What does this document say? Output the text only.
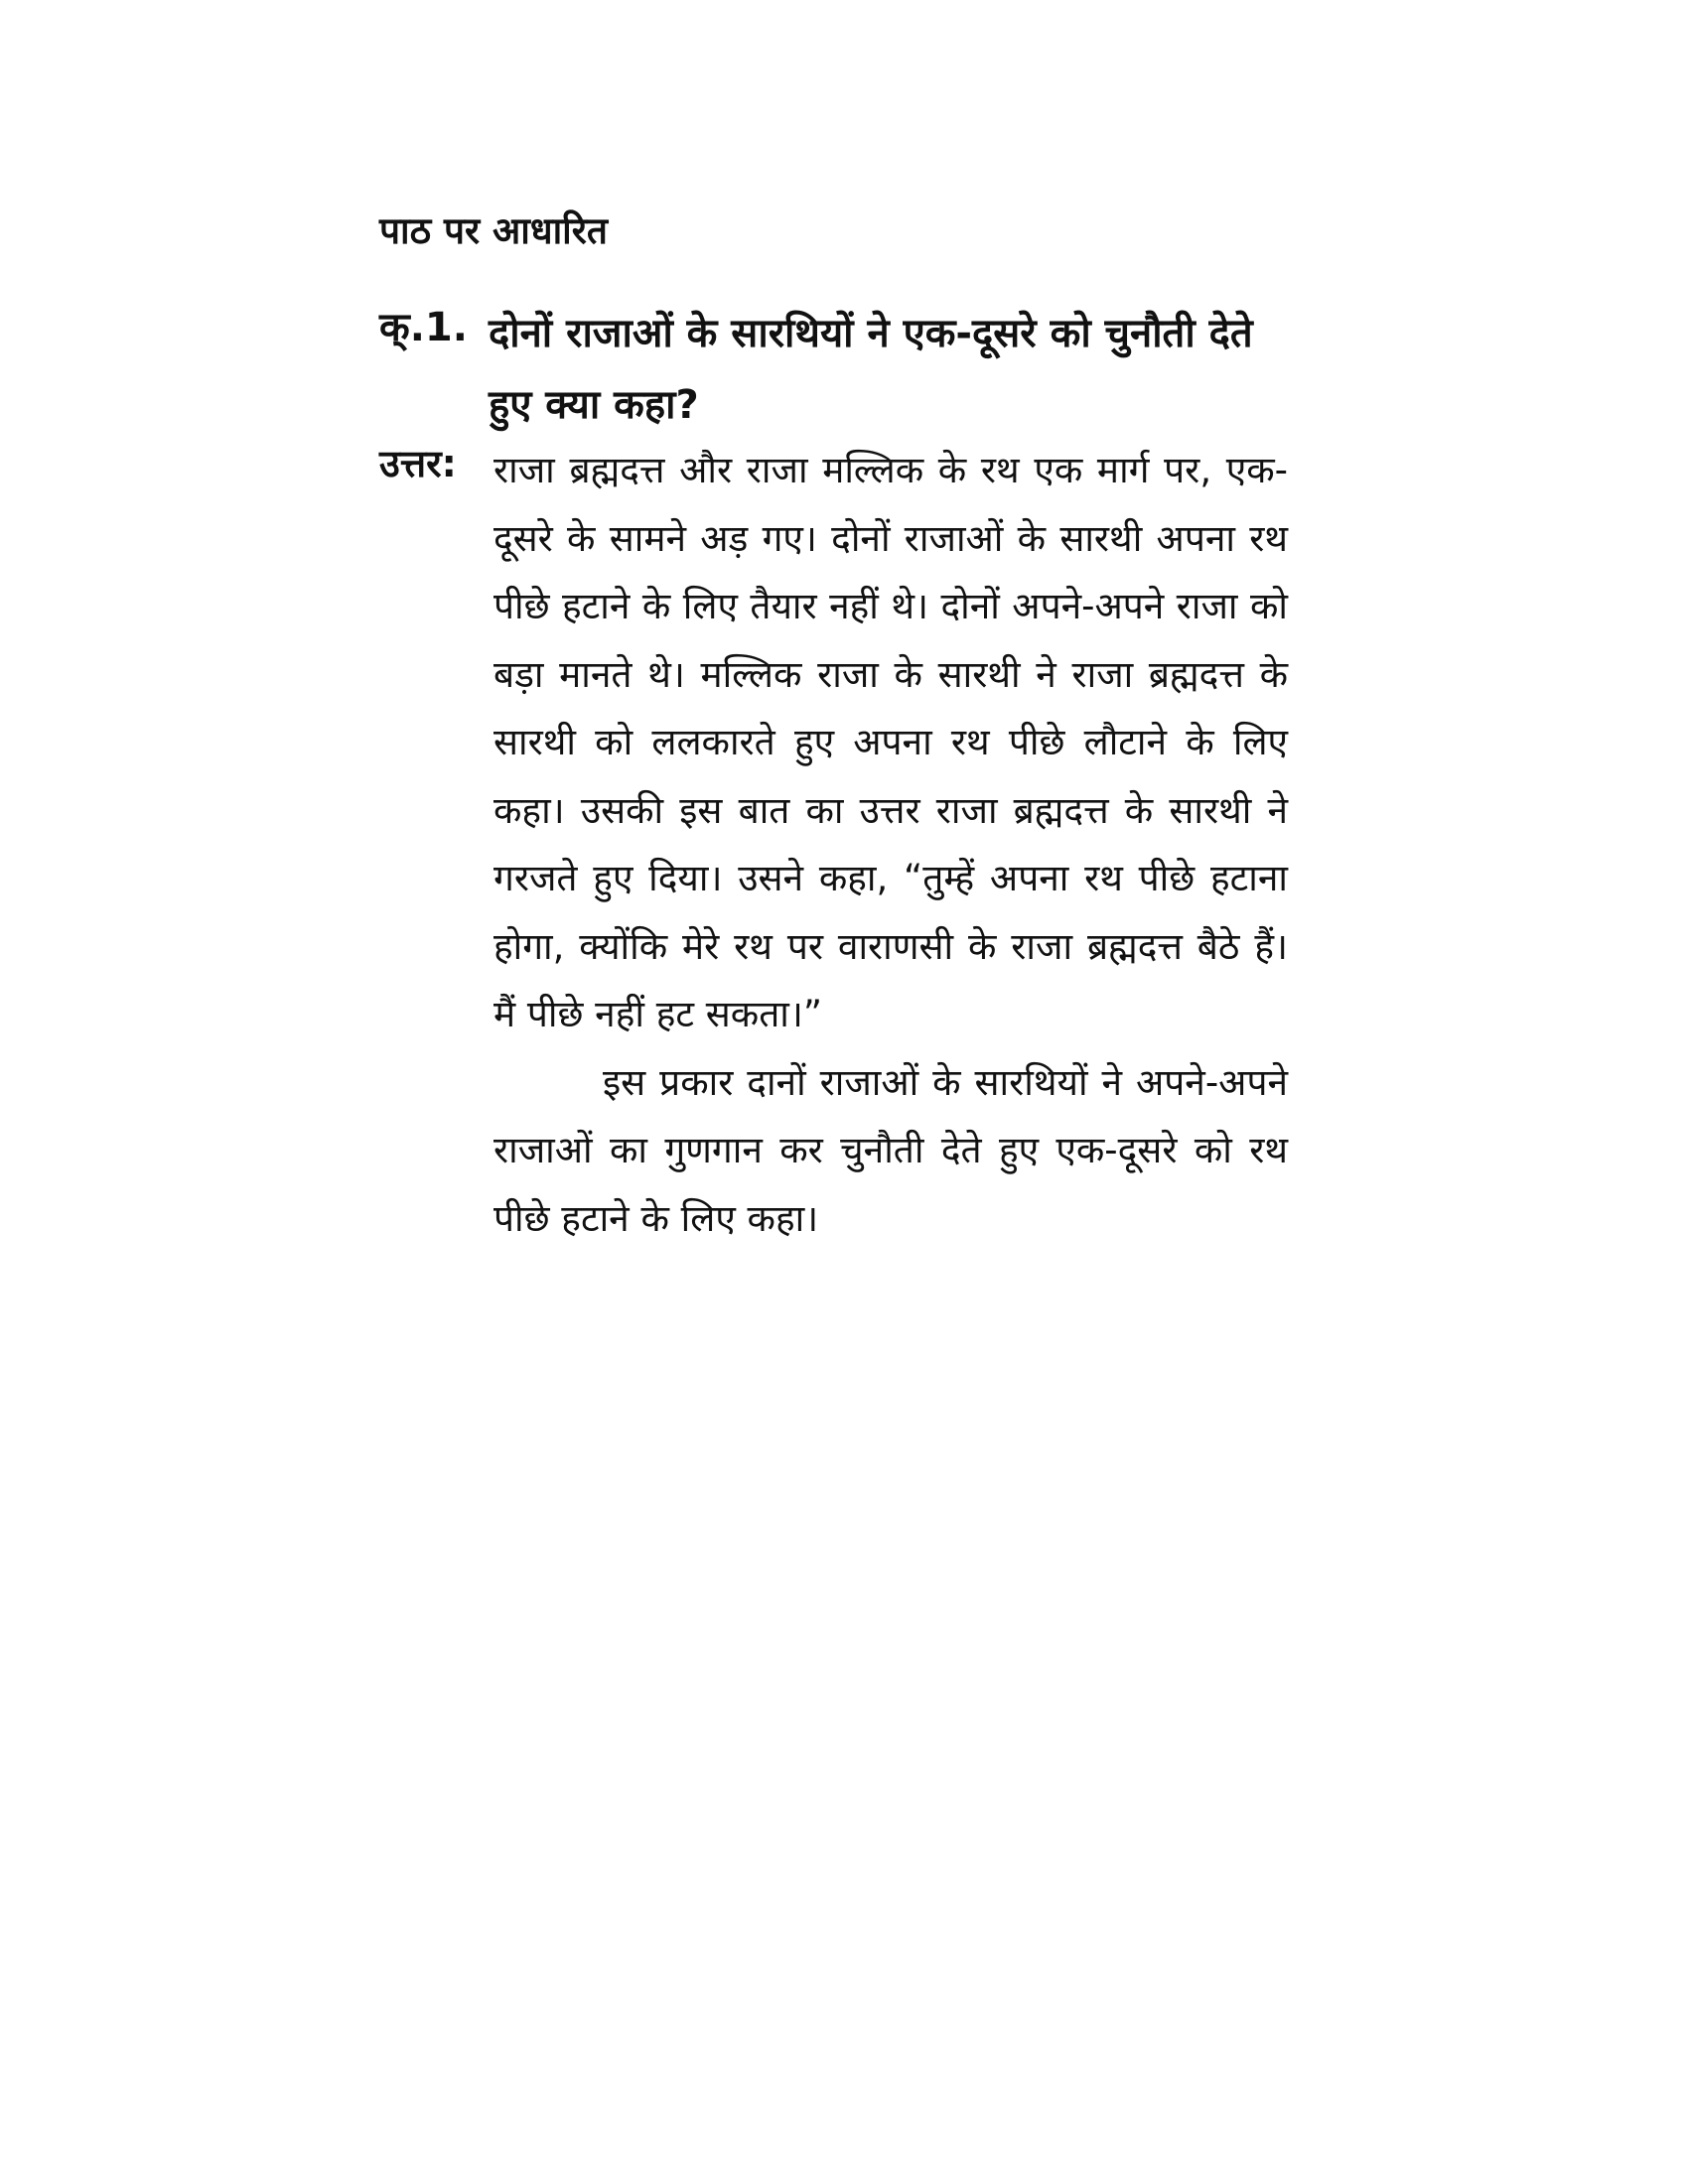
पाठ पर आधारित
क्.1. दोनों राजाओं के सारथियों ने एक-दूसरे को चुनौती देते हुए क्या कहा?
उत्तर: राजा ब्रह्मदत्त और राजा मल्लिक के रथ एक मार्ग पर, एक-दूसरे के सामने अड़ गए। दोनों राजाओं के सारथी अपना रथ पीछे हटाने के लिए तैयार नहीं थे। दोनों अपने-अपने राजा को बड़ा मानते थे। मल्लिक राजा के सारथी ने राजा ब्रह्मदत्त के सारथी को ललकारते हुए अपना रथ पीछे लौटाने के लिए कहा। उसकी इस बात का उत्तर राजा ब्रह्मदत्त के सारथी ने गरजते हुए दिया। उसने कहा, “तुम्हें अपना रथ पीछे हटाना होगा, क्योंकि मेरे रथ पर वाराणसी के राजा ब्रह्मदत्त बैठे हैं। मैं पीछे नहीं हट सकता।”

इस प्रकार दानों राजाओं के सारथियों ने अपने-अपने राजाओं का गुणगान कर चुनौती देते हुए एक-दूसरे को रथ पीछे हटाने के लिए कहा।
